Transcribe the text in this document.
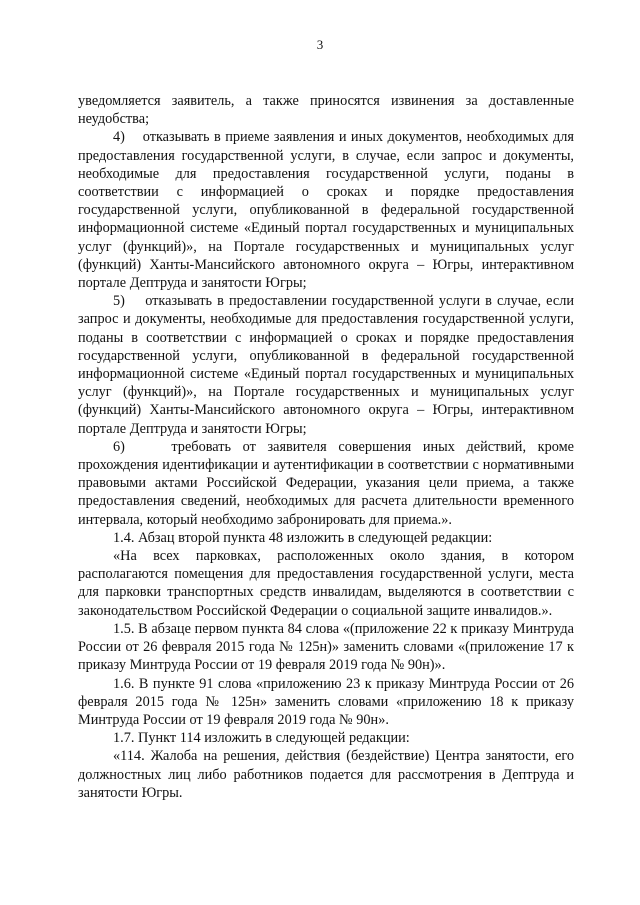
3

уведомляется заявитель, а также приносятся извинения за доставленные неудобства;

4)    отказывать в приеме заявления и иных документов, необходимых для предоставления государственной услуги, в случае, если запрос и документы, необходимые для предоставления государственной услуги, поданы в соответствии с информацией о сроках и порядке предоставления государственной услуги, опубликованной в федеральной государственной информационной системе «Единый портал государственных и муниципальных услуг (функций)», на Портале государственных и муниципальных услуг (функций) Ханты-Мансийского автономного округа – Югры, интерактивном портале Дептруда и занятости Югры;

5)    отказывать в предоставлении государственной услуги в случае, если запрос и документы, необходимые для предоставления государственной услуги, поданы в соответствии с информацией о сроках и порядке предоставления государственной услуги, опубликованной в федеральной государственной информационной системе «Единый портал государственных и муниципальных услуг (функций)», на Портале государственных и муниципальных услуг (функций) Ханты-Мансийского автономного округа – Югры, интерактивном портале Дептруда и занятости Югры;

6)    требовать от заявителя совершения иных действий, кроме прохождения идентификации и аутентификации в соответствии с нормативными правовыми актами Российской Федерации, указания цели приема, а также предоставления сведений, необходимых для расчета длительности временного интервала, который необходимо забронировать для приема.».

1.4. Абзац второй пункта 48 изложить в следующей редакции:

«На всех парковках, расположенных около здания, в котором располагаются помещения для предоставления государственной услуги, места для парковки транспортных средств инвалидам, выделяются в соответствии с законодательством Российской Федерации о социальной защите инвалидов.».

1.5. В абзаце первом пункта 84 слова «(приложение 22 к приказу Минтруда России от 26 февраля 2015 года № 125н)» заменить словами «(приложение 17 к приказу Минтруда России от 19 февраля 2019 года № 90н)».

1.6. В пункте 91 слова «приложению 23 к приказу Минтруда России от 26 февраля 2015 года № 125н» заменить словами «приложению 18 к приказу Минтруда России от 19 февраля 2019 года № 90н».

1.7. Пункт 114 изложить в следующей редакции:

«114. Жалоба на решения, действия (бездействие) Центра занятости, его должностных лиц либо работников подается для рассмотрения в Дептруда и занятости Югры.
